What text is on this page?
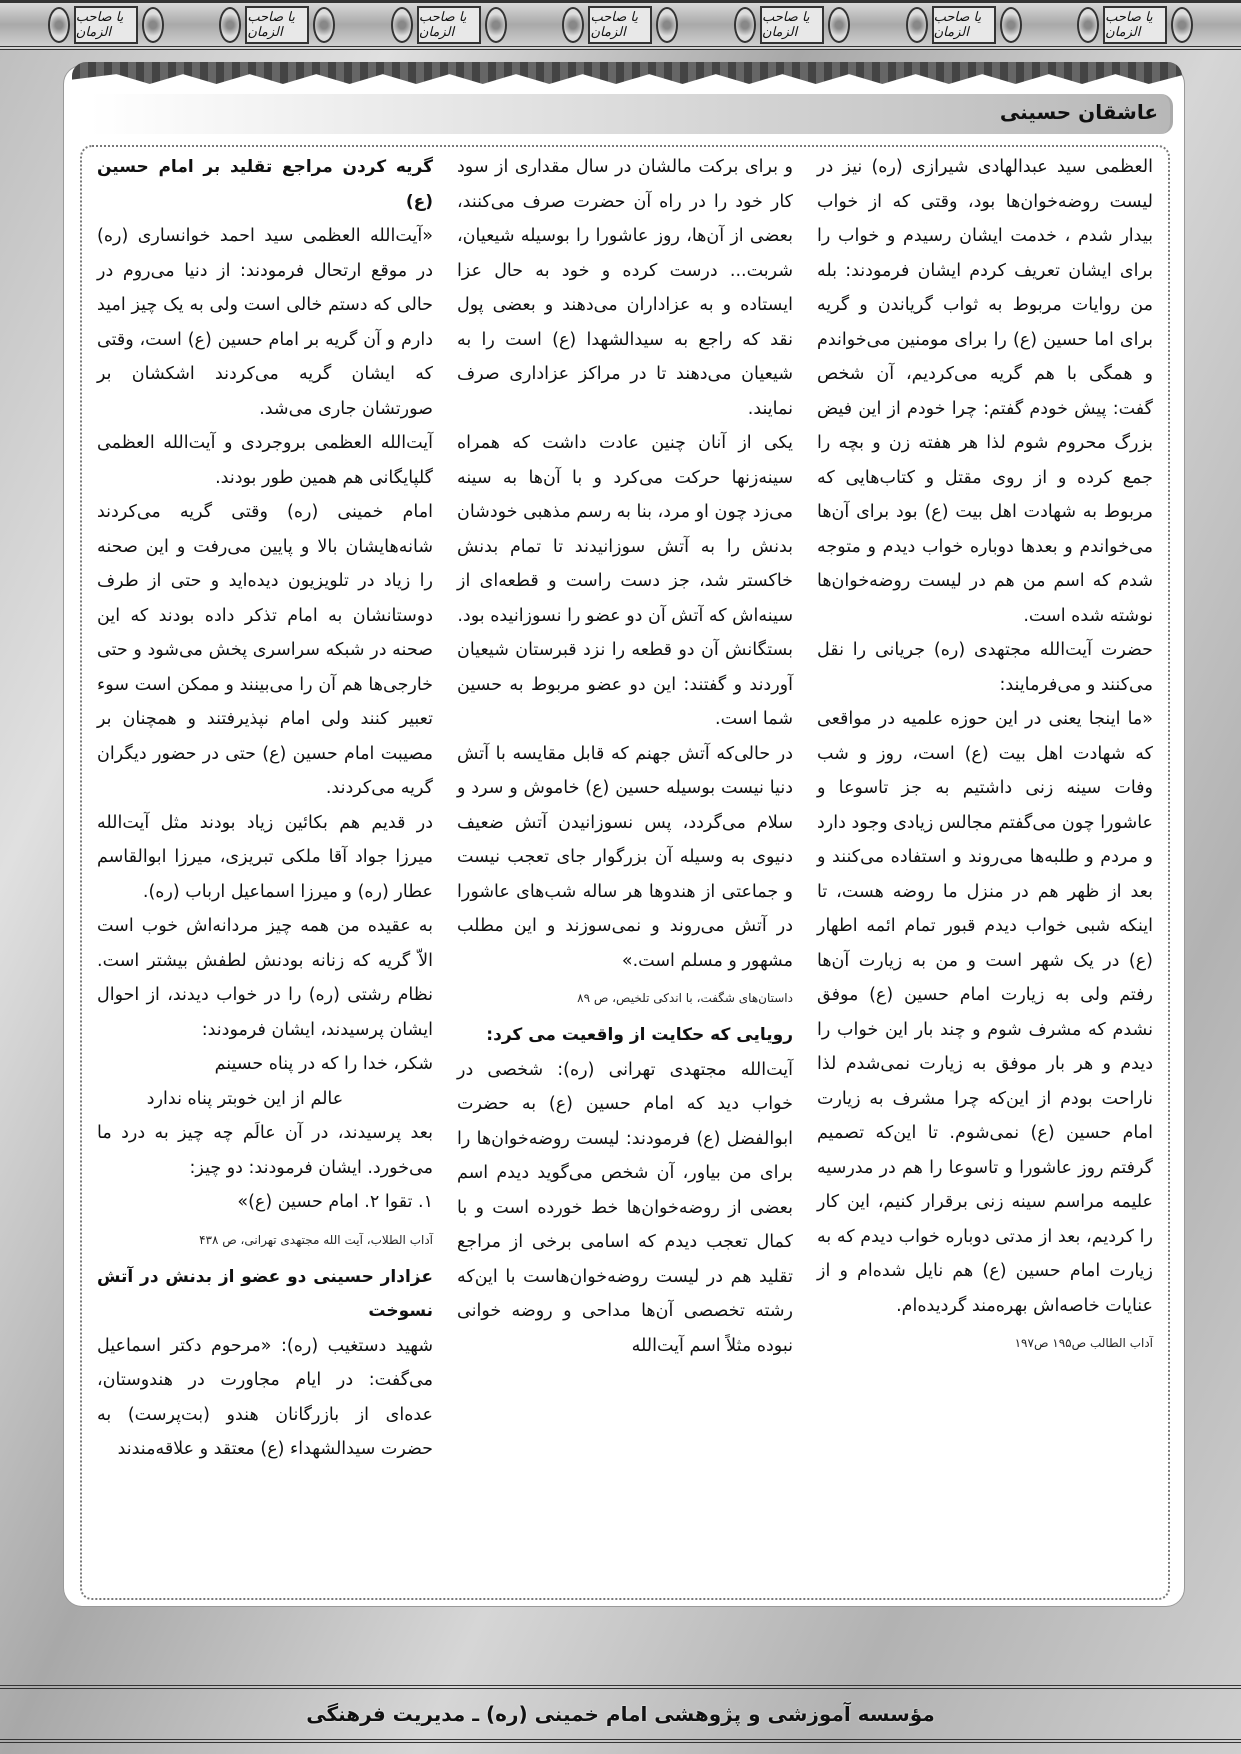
یا صاحب الزمان
یا صاحب الزمان
یا صاحب الزمان
یا صاحب الزمان
یا صاحب الزمان
یا صاحب الزمان
یا صاحب الزمان
عاشقان حسینی

گریه کردن مراجع تقلید بر امام حسین (ع)

«آیت‌الله العظمی سید احمد خوانساری (ره) در موقع ارتحال فرمودند: از دنیا می‌روم در حالی که دستم خالی است ولی به یک چیز امید دارم و آن گریه بر امام حسین (ع) است، وقتی که ایشان گریه می‌کردند اشکشان بر صورتشان جاری می‌شد.

آیت‌الله العظمی بروجردی و آیت‌الله العظمی گلپایگانی هم همین طور بودند.

امام خمینی (ره) وقتی گریه می‌کردند شانه‌هایشان بالا و پایین می‌رفت و این صحنه را زیاد در تلویزیون دیده‌اید و حتی از طرف دوستانشان به امام تذکر داده بودند که این صحنه در شبکه سراسری پخش می‌شود و حتی خارجی‌ها هم آن را می‌بینند و ممکن است سوء تعبیر کنند ولی امام نپذیرفتند و همچنان بر مصیبت امام حسین (ع) حتی در حضور دیگران گریه می‌کردند.

در قدیم هم بکائین زیاد بودند مثل آیت‌الله میرزا جواد آقا ملکی تبریزی، میرزا ابوالقاسم عطار (ره) و میرزا اسماعیل ارباب (ره).

به عقیده من همه چیز مردانه‌اش خوب است الاّ گریه که زنانه بودنش لطفش بیشتر است. نظام رشتی (ره) را در خواب دیدند، از احوال ایشان پرسیدند، ایشان فرمودند:

شکر، خدا را که در پناه حسینم

عالم از این خوبتر پناه ندارد

بعد پرسیدند، در آن عالَم چه چیز به درد ما می‌خورد. ایشان فرمودند: دو چیز:

۱. تقوا ۲. امام حسین (ع)»

آداب الطلاب، آیت الله مجتهدی تهرانی، ص ۴۳۸

عزادار حسینی دو عضو از بدنش در آتش نسوخت

شهید دستغیب (ره): «مرحوم دکتر اسماعیل می‌گفت: در ایام مجاورت در هندوستان، عده‌ای از بازرگانان هندو (بت‌پرست) به حضرت سیدالشهداء (ع) معتقد و علاقه‌مندند

و برای برکت مالشان در سال مقداری از سود کار خود را در راه آن حضرت صرف می‌کنند، بعضی از آن‌ها، روز عاشورا را بوسیله شیعیان، شربت... درست کرده و خود به حال عزا ایستاده و به عزاداران می‌دهند و بعضی پول نقد که راجع به سیدالشهدا (ع) است را به شیعیان می‌دهند تا در مراکز عزاداری صرف نمایند.

یکی از آنان چنین عادت داشت که همراه سینه‌زنها حرکت می‌کرد و با آن‌ها به سینه می‌زد چون او مرد، بنا به رسم مذهبی خودشان بدنش را به آتش سوزانیدند تا تمام بدنش خاکستر شد، جز دست راست و قطعه‌ای از سینه‌اش که آتش آن دو عضو را نسوزانیده بود.

بستگانش آن دو قطعه را نزد قبرستان شیعیان آوردند و گفتند: این دو عضو مربوط به حسین شما است.

در حالی‌که آتش جهنم که قابل مقایسه با آتش دنیا نیست بوسیله حسین (ع) خاموش و سرد و سلام می‌گردد، پس نسوزانیدن آتش ضعیف دنیوی به وسیله آن بزرگوار جای تعجب نیست و جماعتی از هندوها هر ساله شب‌های عاشورا در آتش می‌روند و نمی‌سوزند و این مطلب مشهور و مسلم است.»

داستان‌های شگفت، با اندکی تلخیص، ص ۸۹

رویایی که حکایت از واقعیت می کرد:

آیت‌الله مجتهدی تهرانی (ره): شخصی در خواب دید که امام حسین (ع) به حضرت ابوالفضل (ع) فرمودند: لیست روضه‌خوان‌ها را برای من بیاور، آن شخص می‌گوید دیدم اسم بعضی از روضه‌خوان‌ها خط خورده است و با کمال تعجب دیدم که اسامی برخی از مراجع تقلید هم در لیست روضه‌خوان‌هاست با این‌که رشته تخصصی آن‌ها مداحی و روضه خوانی نبوده مثلاً اسم آیت‌الله

العظمی سید عبدالهادی شیرازی (ره) نیز در لیست روضه‌خوان‌ها بود، وقتی که از خواب بیدار شدم ، خدمت ایشان رسیدم و خواب را برای ایشان تعریف کردم ایشان فرمودند: بله من روایات مربوط به ثواب گریاندن و گریه برای اما حسین (ع) را برای مومنین می‌خواندم و همگی با هم گریه می‌کردیم، آن شخص گفت: پیش خودم گفتم: چرا خودم از این فیض بزرگ محروم شوم لذا هر هفته زن و بچه را جمع کرده و از روی مقتل و کتاب‌هایی که مربوط به شهادت اهل بیت (ع) بود برای آن‌ها می‌خواندم و بعدها دوباره خواب دیدم و متوجه شدم که اسم من هم در لیست روضه‌خوان‌ها نوشته شده است.

حضرت آیت‌الله مجتهدی (ره) جریانی را نقل می‌کنند و می‌فرمایند:

«ما اینجا یعنی در این حوزه علمیه در مواقعی که شهادت اهل بیت (ع) است، روز و شب وفات سینه زنی داشتیم به جز تاسوعا و عاشورا چون می‌گفتم مجالس زیادی وجود دارد و مردم و طلبه‌ها می‌روند و استفاده می‌کنند و بعد از ظهر هم در منزل ما روضه هست، تا اینکه شبی خواب دیدم قبور تمام ائمه اطهار (ع) در یک شهر است و من به زیارت آن‌ها رفتم ولی به زیارت امام حسین (ع) موفق نشدم که مشرف شوم و چند بار این خواب را دیدم و هر بار موفق به زیارت نمی‌شدم لذا ناراحت بودم از این‌که چرا مشرف به زیارت امام حسین (ع) نمی‌شوم. تا این‌که تصمیم گرفتم روز عاشورا و تاسوعا را هم در مدرسیه علیمه مراسم سینه زنی برقرار کنیم، این کار را کردیم، بعد از مدتی دوباره خواب دیدم که به زیارت امام حسین (ع) هم نایل شده‌ام و از عنایات خاصه‌اش بهره‌مند گردیده‌ام.

آداب الطالب ص۱۹۵ ص۱۹۷

مؤسسه آموزشی و پژوهشی امام خمینی (ره) ـ مدیریت فرهنگی
